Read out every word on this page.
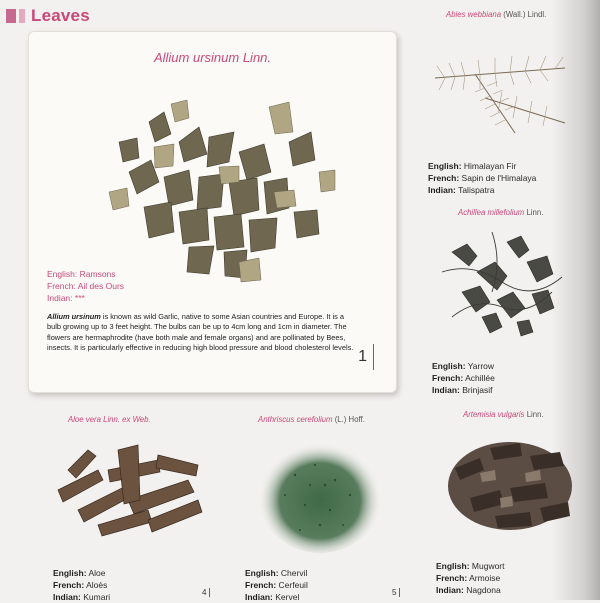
Leaves
Allium ursinum Linn.
English: Ramsons
French: Ail des Ours
Indian: ***
Allium ursinum is known as wild Garlic, native to some Asian countries and Europe. It is a bulb growing up to 3 feet height. The bulbs can be up to 4cm long and 1cm in diameter. The flowers are hermaphrodite (have both male and female organs) and are pollinated by Bees, insects. It is particularly effective in reducing high blood pressure and blood cholesterol levels.
1
Abies webbiana (Wall.) Lindl.
English: Himalayan Fir
French: Sapin de l'Himalaya
Indian: Talispatra
Achillea millefolium Linn.
English: Yarrow
French: Achillée
Indian: Brinjasif
Aloe vera Linn. ex Web.
English: Aloe
French: Aloès
Indian: Kumari	4
Anthriscus cerefolium (L.) Hoff.
English: Chervil
French: Cerfeuil
Indian: Kervel	5
Artemisia vulgaris Linn.
English: Mugwort
French: Armoise
Indian: Nagdona
